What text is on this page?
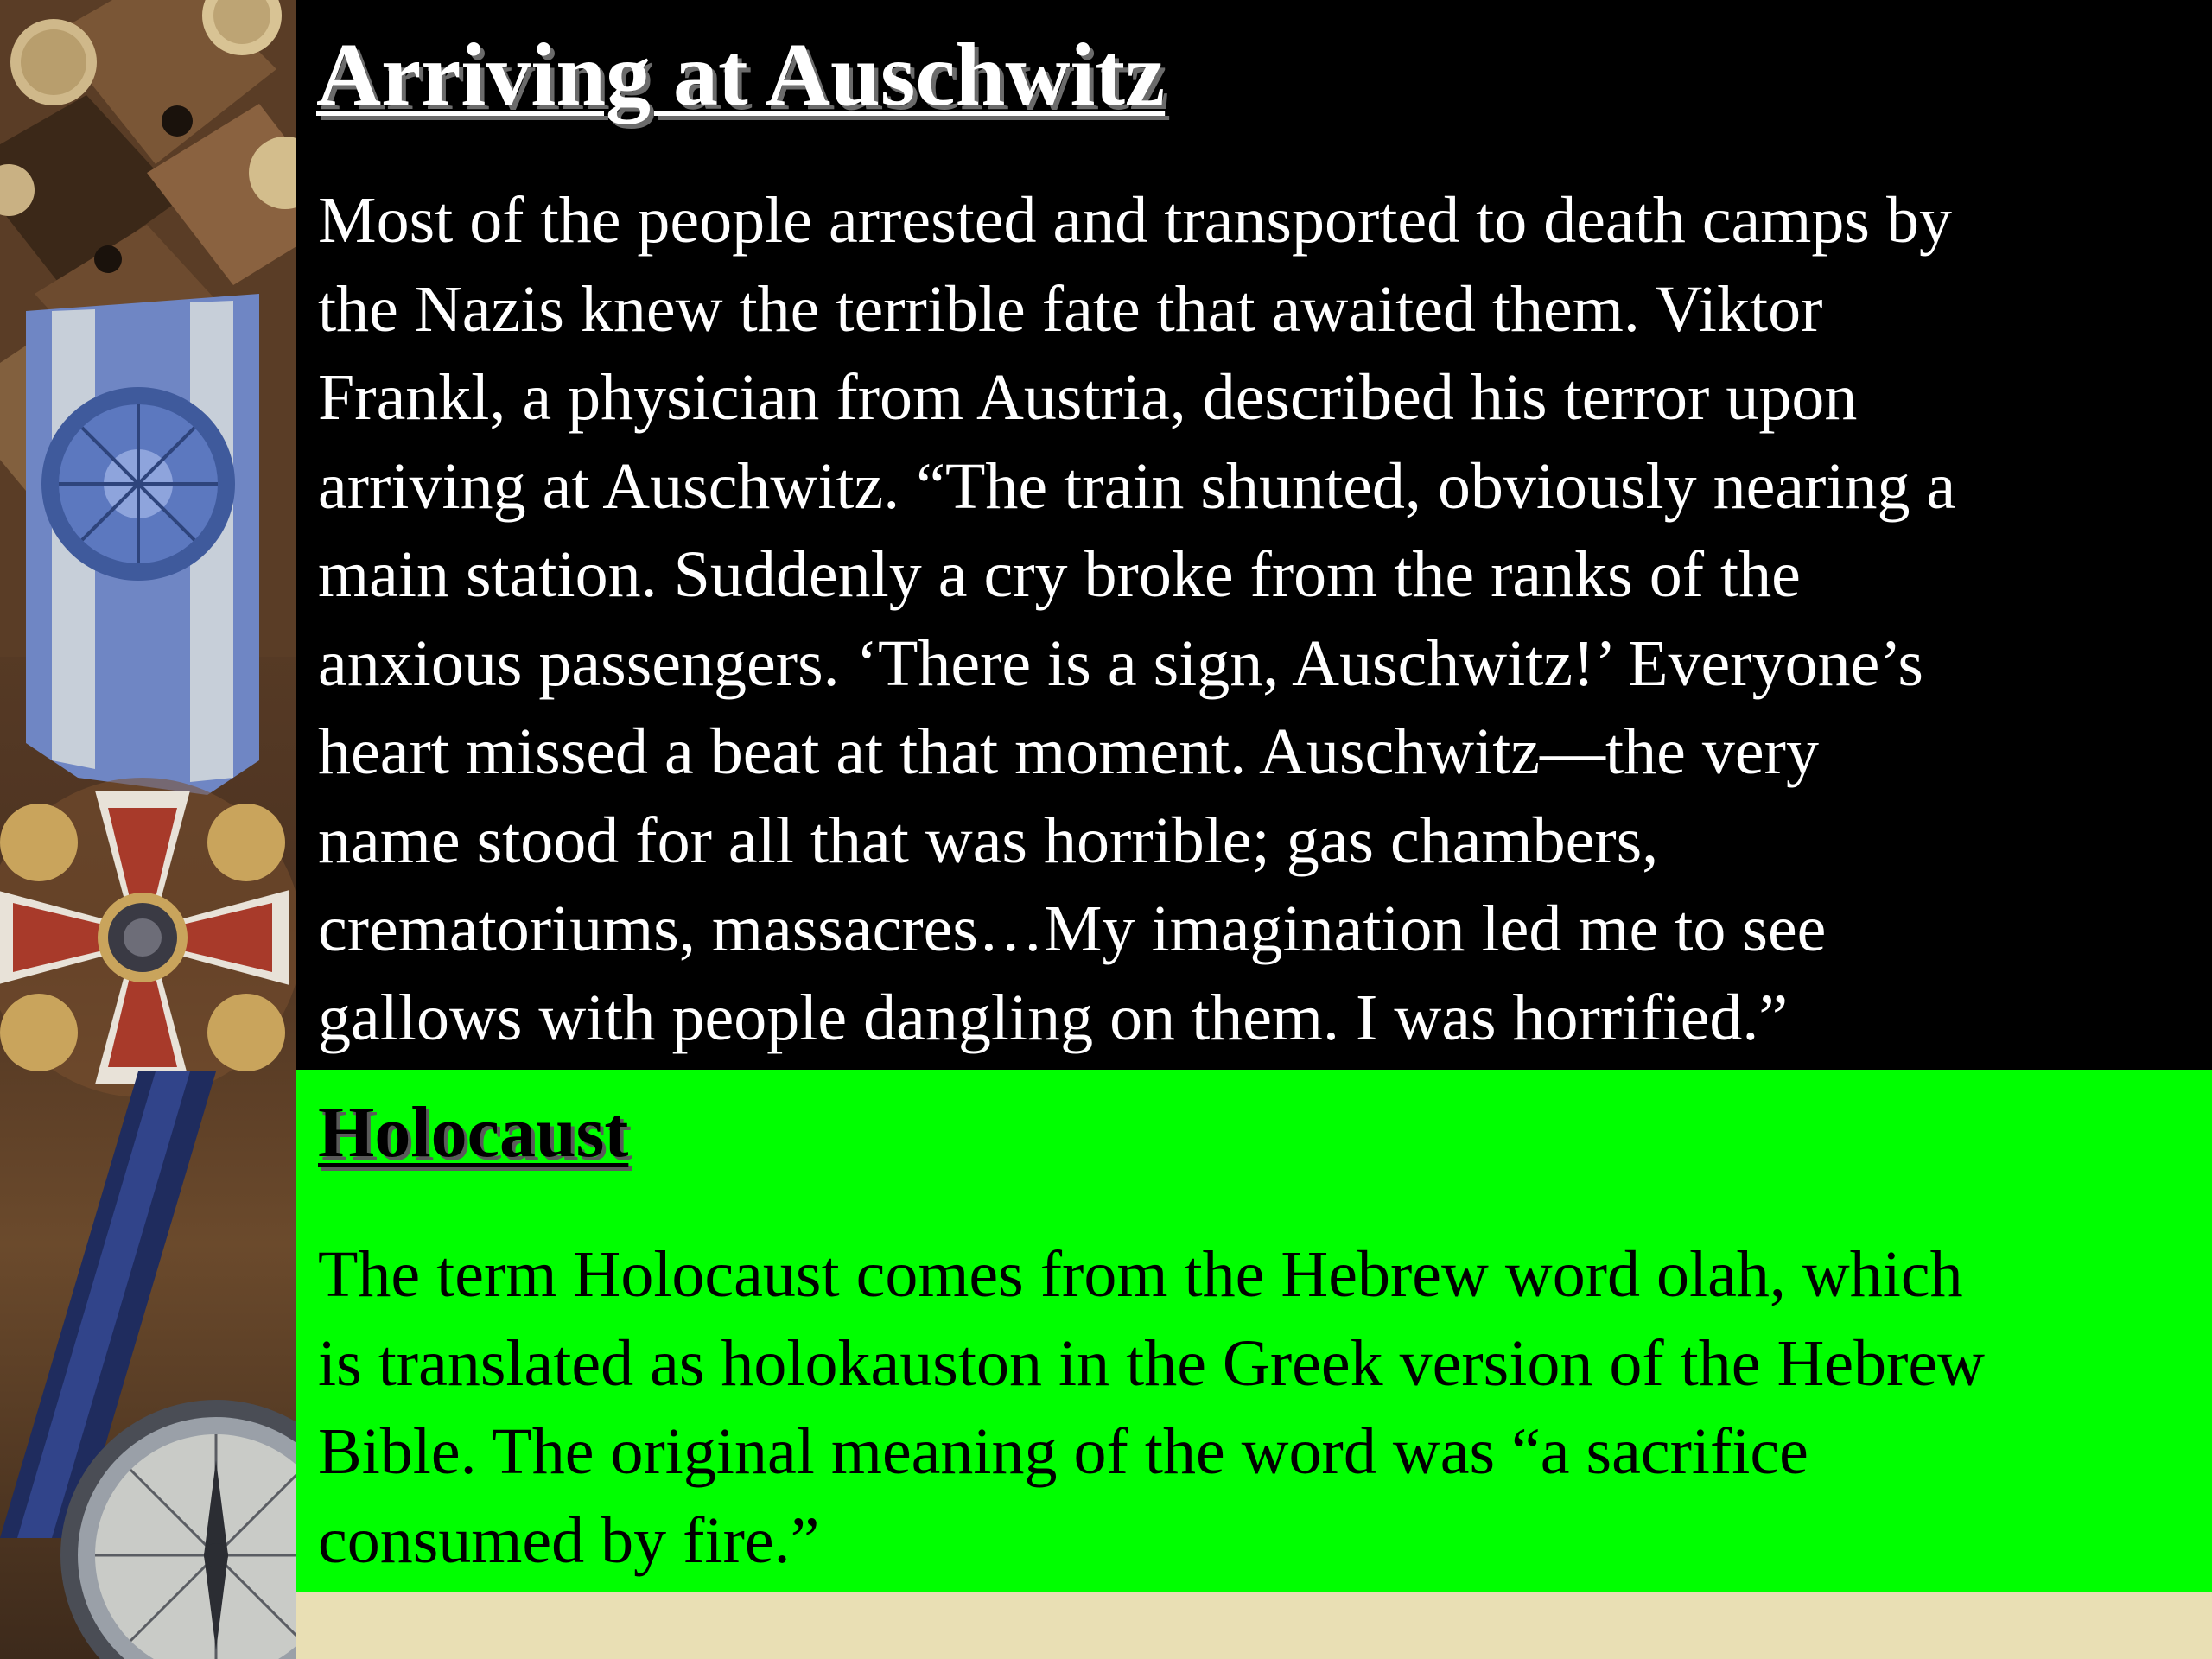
Arriving at Auschwitz
Most of the people arrested and transported to death camps by
the Nazis knew the terrible fate that awaited them. Viktor
Frankl, a physician from Austria, described his terror upon
arriving at Auschwitz. “The train shunted, obviously nearing a
main station. Suddenly a cry broke from the ranks of the
anxious passengers. ‘There is a sign, Auschwitz!’ Everyone’s
heart missed a beat at that moment. Auschwitz—the very
name stood for all that was horrible; gas chambers,
crematoriums, massacres…My imagination led me to see
gallows with people dangling on them. I was horrified.”
Holocaust
The term Holocaust comes from the Hebrew word olah, which
is translated as holokauston in the Greek version of the Hebrew
Bible. The original meaning of the word was “a sacrifice
consumed by fire.”
